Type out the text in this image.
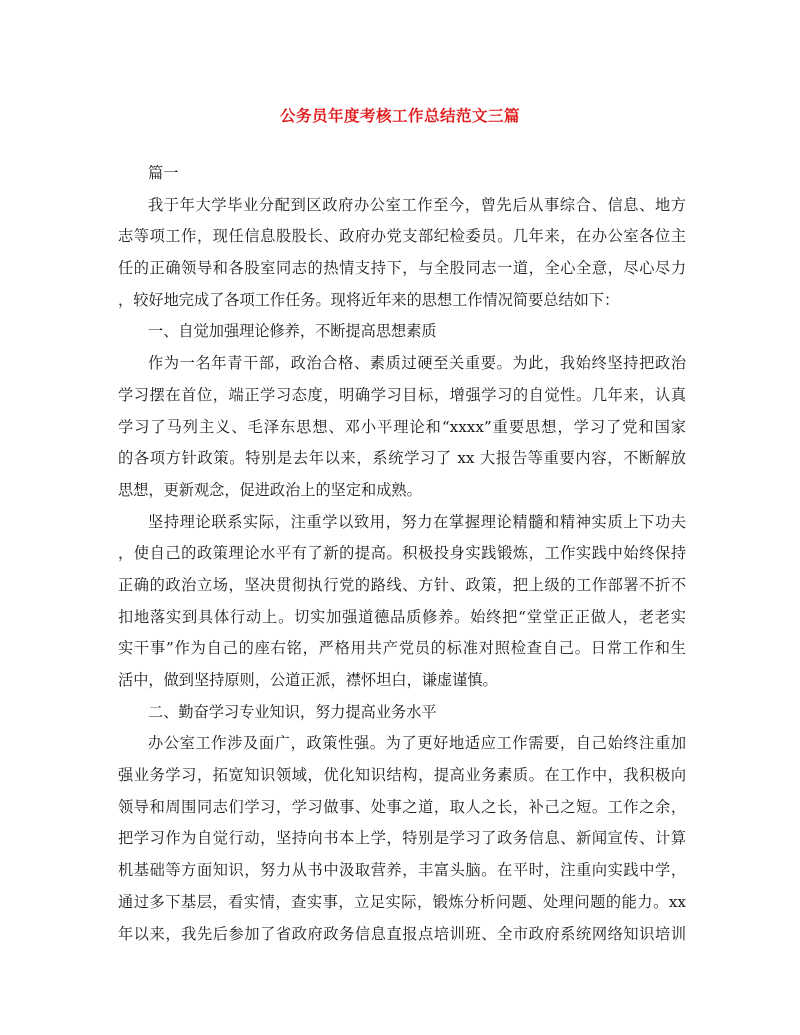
公务员年度考核工作总结范文三篇
篇一
我于年大学毕业分配到区政府办公室工作至今，曾先后从事综合、信息、地方
志等项工作，现任信息股股长、政府办党支部纪检委员。几年来，在办公室各位主
任的正确领导和各股室同志的热情支持下，与全股同志一道，全心全意，尽心尽力
，较好地完成了各项工作任务。现将近年来的思想工作情况简要总结如下：
一、自觉加强理论修养，不断提高思想素质
作为一名年青干部，政治合格、素质过硬至关重要。为此，我始终坚持把政治
学习摆在首位，端正学习态度，明确学习目标，增强学习的自觉性。几年来，认真
学习了马列主义、毛泽东思想、邓小平理论和“xxxx”重要思想，学习了党和国家
的各项方针政策。特别是去年以来，系统学习了 xx 大报告等重要内容，不断解放
思想，更新观念，促进政治上的坚定和成熟。
坚持理论联系实际，注重学以致用，努力在掌握理论精髓和精神实质上下功夫
，使自己的政策理论水平有了新的提高。积极投身实践锻炼，工作实践中始终保持
正确的政治立场，坚决贯彻执行党的路线、方针、政策，把上级的工作部署不折不
扣地落实到具体行动上。切实加强道德品质修养。始终把“堂堂正正做人，老老实
实干事”作为自己的座右铭，严格用共产党员的标准对照检查自己。日常工作和生
活中，做到坚持原则，公道正派，襟怀坦白，谦虚谨慎。
二、勤奋学习专业知识，努力提高业务水平
办公室工作涉及面广，政策性强。为了更好地适应工作需要，自己始终注重加
强业务学习，拓宽知识领域，优化知识结构，提高业务素质。在工作中，我积极向
领导和周围同志们学习，学习做事、处事之道，取人之长，补己之短。工作之余，
把学习作为自觉行动，坚持向书本上学，特别是学习了政务信息、新闻宣传、计算
机基础等方面知识，努力从书中汲取营养，丰富头脑。在平时，注重向实践中学，
通过多下基层，看实情，查实事，立足实际，锻炼分析问题、处理问题的能力。xx
年以来，我先后参加了省政府政务信息直报点培训班、全市政府系统网络知识培训
